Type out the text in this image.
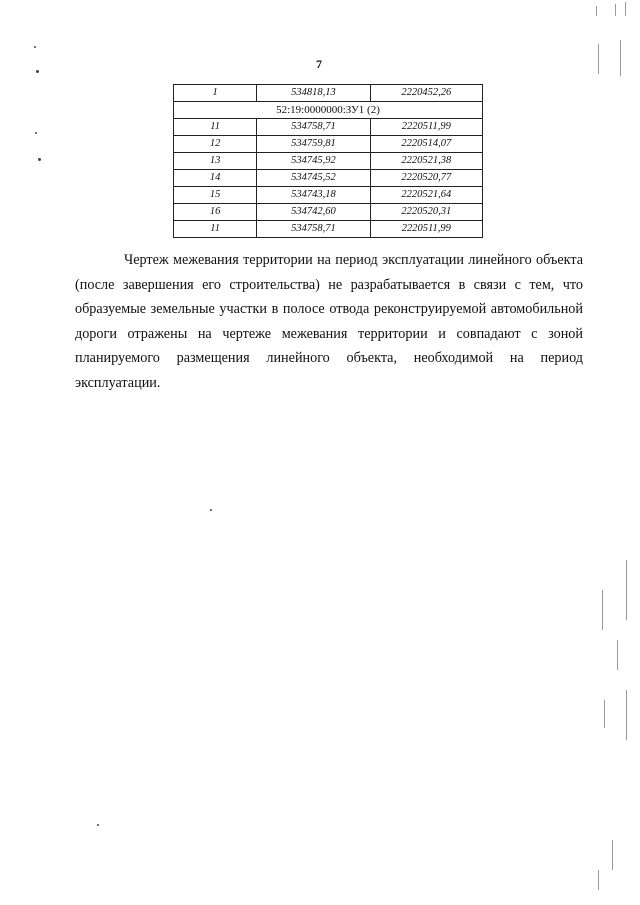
7
1	534818,13	2220452,26
52:19:0000000:ЗУ1 (2)		
11	534758,71	2220511,99
12	534759,81	2220514,07
13	534745,92	2220521,38
14	534745,52	2220520,77
15	534743,18	2220521,64
16	534742,60	2220520,31
11	534758,71	2220511,99

Чертеж межевания территории на период эксплуатации линейного объекта (после завершения его строительства) не разрабатывается в связи с тем, что образуемые земельные участки в полосе отвода реконструируемой автомобильной дороги отражены на чертеже межевания территории и совпадают с зоной планируемого размещения линейного объекта, необходимой на период эксплуатации.
